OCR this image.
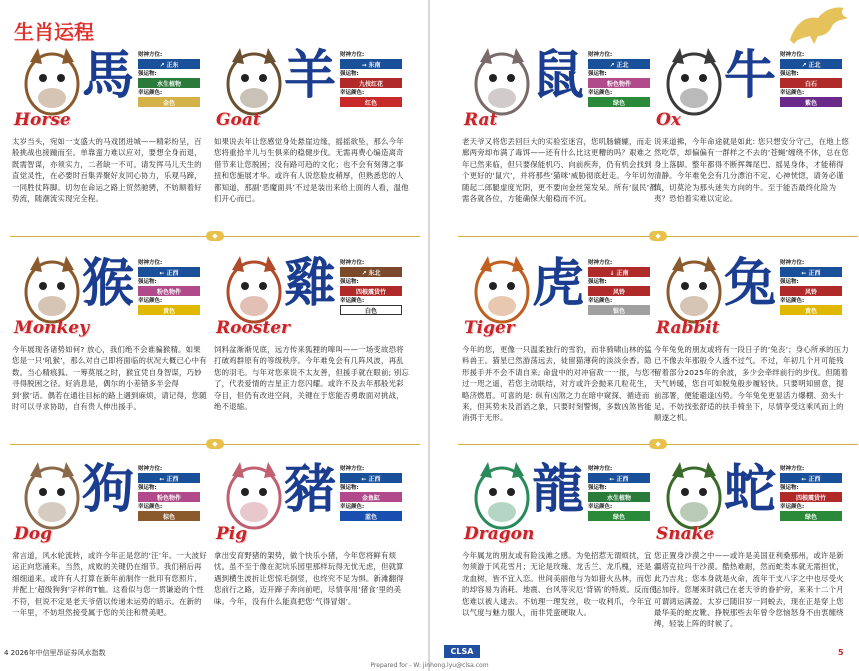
生肖运程
Horse
馬 财神方位:
↗ 正东
强运物:
水生植物
幸运颜色:
金色
太岁当头，宛如一支盛大的马戏团进城——精彩纷呈，百般挑战也接踵而至。单靠蛮力难以应对，要想全身而退，既需智谋，亦须实力，二者缺一不可。请发挥马儿天生的直觉灵性，在必要时百集弄聚好友同心协力，乐观马蹄，一同胜仗阵脚。切勿在命运之路上贸然驰骋，不妨顺着好势流，随潮流实现完全程。
Goat
羊 财神方位:
→ 东南
强运物:
九枝红花
幸运颜色:
红色
如果说去年让您感觉身处悬崖边缘，摇摇欲坠，那么今年您将重拾羊儿与生俱来的稳健步伐。无需再费心编造离奇借节来让您脱困；没有路可趋的文化；也不会有刻薄之事扭和您施展才华。或许有人说您脸皮稍厚，但熟悉您的人都知道，那副‘恶魔面具’不过是装出来给上面的人看，温他们开心而已。
Rat
鼠 财神方位:
↗ 正北
强运物:
粉色物件
幸运颜色:
绿色
老天爷又将您丢回巨大的实验室迷宫，您叽肠辘辘，而走廊两旁却布满了毒饵——还有什么比这更糟的吗？艰难之年已然来临，但只要保能机巧、向前疾奔，仍有机会找到个更好的‘鼠穴’，并将那些‘猫咪’威胁彻底赶走。今年切勿随起二郎腿虚度光阴，更不要向金丝笼发呆。所有‘鼠民’都需各就各位，方能确保大船稳而不沉。
Ox
牛 财神方位:
↗ 正北
强运物:
白石
幸运颜色:
紫色
说来道拂，今年命途就是如此: 您只想安分守己，在地上悠然吃草，却偏偏有一群样之不去的‘苍蝇’缠绕不休，总在您身上落脚。整年都得不断挥舞尾巴、摇晃身体，才能稍得清静。今年难免会有几分漂泊不定、心神恍惚，请务必谨慎，切莫沦为那头迷失方向的牛。至于能否最终化险为夷？恐怕着实难以定论。
Monkey
猴 财神方位:
← 正西
强运物:
粉色物件
幸运颜色:
黄色
今年展现各诸势如何? 放心，我们绝不会谁骗猴精。如果您是一只‘吼猴’，那么对自己即将面临的状况大概已心中有数。当心精痕狐、一筹莫展之时，猴宜凭自身智谋，巧妙寻得脱困之径。好消息是，偶尔的小差错多半会得到‘猴’话。偶若在通往目标的路上遇到麻烦，请记得，您随时可以寻求协助，自有贵人伸出援手。
Rooster
雞 财神方位:
↗ 东北
强运物:
四根震货竹
幸运颜色:
白色
饲料盆渐渐见底，远方传来狐狸的嗥叫——一场变故恐将打破鸡群原有的等级秩序。今年难免会有几阵风波，再乱您的羽毛。与年对您来说不太友善，但援手就在眼前; 别忘了，代表爱情的吉星正力您闪耀。或许不及去年那般光彩夺目，但仍有改进空间，关键在于您能否勇敢面对挑战，绝不退缩。
Tiger
虎 财神方位:
↓ 正南
强运物:
风铃
幸运颜色:
银色
今年的您，更像一只温柔独行的雪豹，而非骑啸山林的猛料兽王。猫星已然游荡远去，徒留猫薄荷的淡淡余香。隐形援手并不会不请自来; 命盘中的对冲宿敌一一报，与您不过一咫之遥，若您主动联结，对方或许会抛来几粒花生，略济燃眉。可喜的是: 纵有凶煞之力在暗中窥探、循迹而来，但其势未及滔滔之象，只要时刻警惕，多数凶煞皆能消弭于无形。
Rabbit
兔 财神方位:
← 正西
强运物:
风铃
幸运颜色:
黄色
今年兔免的朋友或将有一段日子的‘兔丧’；身心所承的压力已不像去年那般令人透不过气。不过，年初几个月可能残留着部分2025年的余波，多少会牵绊前行的步伐。但随着天气转暖，您自可如脱兔般步履轻快。只要明知留意，提前部署，便能避逢凶势。今年兔免更显活力爆棚、劲头十足。不妨找张舒适的扶手椅坐下，尽情享受这乘风而上的顺遂之机。
Dog
狗 财神方位:
← 正西
强运物:
粉色物件
幸运颜色:
棕色
常言道，风水轮流转，或许今年正是您的‘汪’年。一大波好运正向您涌来。当然，成败的关键仍在细节。我们稍后再细细道来。或许有人打算在新年前制作一批印有您照片、并配上‘超级狗狗’字样的T恤。这看似与您一贯谦逊的个性不符，但说不定是老天爷借以传递未运势的暗示。在新的一年里，不妨坦然接受属于您的关注和赞美吧。
Pig
豬 财神方位:
← 正西
强运物:
金鱼缸
幸运颜色:
蓝色
拿出安育野猪的架势，做个快乐小猪，今年您将鲜有烦忧。虽不至于像在泥坑乐园里那样玩得无忧无虑，但就算遇到横生波折让您惊毛倒竖，也终究不足为惧。新滩翻得您前行之路，迈开蹄子奔向前吧，尽情享用‘猪食’里的美味。今年，没有什么能真把您‘气得冒烟’。
Dragon
龍 财神方位:
← 正西
强运物:
水生植物
幸运颜色:
绿色
今年属龙的朋友或有险浅滩之感。为免招惹无谓烦扰，宜勿须游于风花雪月；无论是玫瑰、龙舌兰、龙爪槐，还是龙血树，皆不宜入恋。世间美丽他与为如猎火丛林，而您的却容易为消耗、地震、台风等灾厄‘背锅’的特质。反而使您难以被人逮去。不妨理一理发丝，收一收利爪，今年宜以气度与魅力服人，而非凭蛮硬取人。
Snake
蛇 财神方位:
← 正西
强运物:
四根震货竹
幸运颜色:
绿色
您正置身沙漠之中——或许是美国亚利桑那州，或许是新疆塔克拉玛干沙漠。酷热难耐，然而蛇类本就无需担忧，此乃吉兆；您本身就是火命，流年干支八字之中也尽受火运加持。您屡來时就已在老天爷的眷护旁，来来十二个月可谓鸿运满盈。太岁已随旧岁一同蜕去，现在正是穿上您最华美的蛇皮靴、挣脱那些去年曾令您恼怒身不由衷缠绕缚，轻装上阵的时候了。
◆	◆
◆	◆
4 2026年中信里昂证券风水指数	CLSA	5
Prepared for - W: jinhong.lyu@clsa.com
